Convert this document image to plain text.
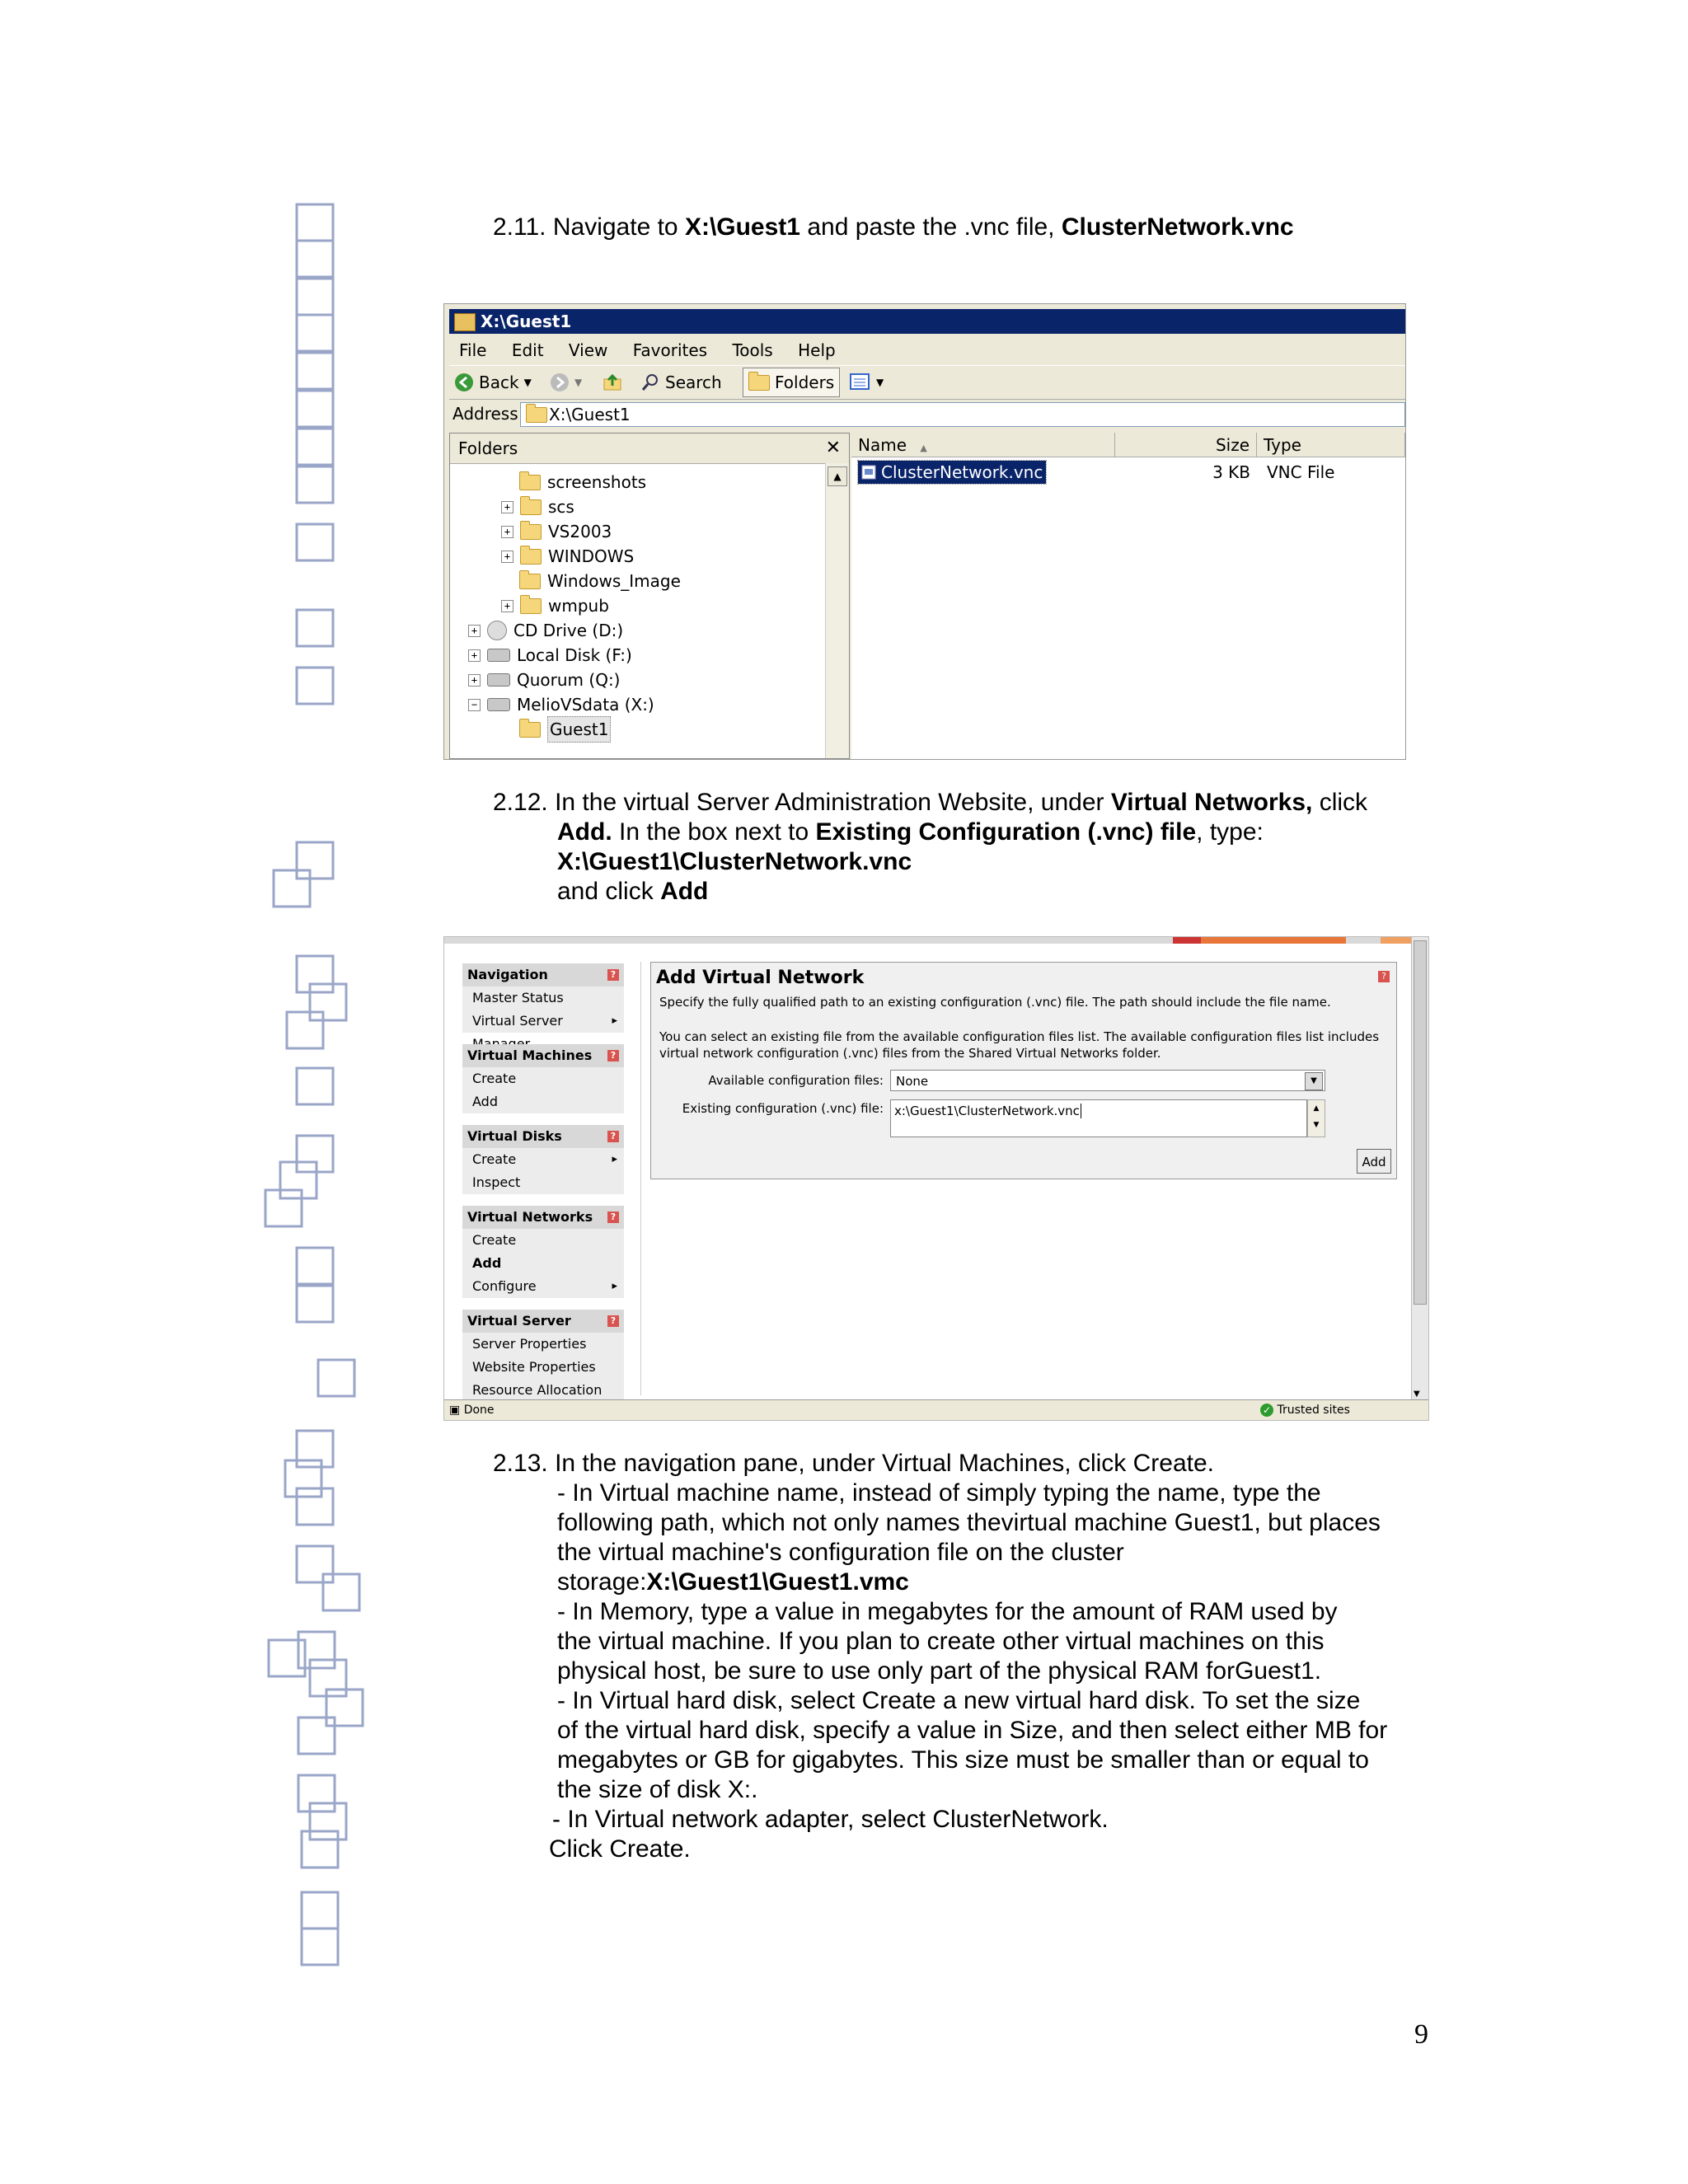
2.11. Navigate to X:\Guest1 and paste the .vnc file, ClusterNetwork.vnc
X:\Guest1
File Edit View Favorites Tools Help
Back ▼	▼	Search	Folders	▼
Address	X:\Guest1
Folders	✕
screenshots
+ scs
+ VS2003
+ WINDOWS
Windows_Image
+ wmpub
+ CD Drive (D:)
+ Local Disk (F:)
+ Quorum (Q:)
− MelioVSdata (X:)
Guest1
▲
Name ▲	Size Type
ClusterNetwork.vnc	3 KB VNC File
2.12. In the virtual Server Administration Website, under Virtual Networks, click
Add. In the box next to Existing Configuration (.vnc) file, type:
X:\Guest1\ClusterNetwork.vnc
and click Add
Navigation	?
Master Status
Virtual Server	▸
Virtual Machines	?
Create
Add
Virtual Disks	?
Create	▸
Inspect
Virtual Networks	?
Create
Add
Configure	▸
Virtual Server	?
Server Properties
Website Properties
Resource Allocation
Add Virtual Network	?
Specify the fully qualified path to an existing configuration (.vnc) file. The path should include the file name.
You can select an existing file from the available configuration files list. The available configuration files list includes virtual network configuration (.vnc) files from the Shared Virtual Networks folder.
Available configuration files:	None	▼
Existing configuration (.vnc) file: x:\Guest1\ClusterNetwork.vnc	▲
▼
Add
▼
▣ Done	✓ Trusted sites
2.13. In the navigation pane, under Virtual Machines, click Create.
- In Virtual machine name, instead of simply typing the name, type the
following path, which not only names thevirtual machine Guest1, but places
the virtual machine's configuration file on the cluster
storage:X:\Guest1\Guest1.vmc
- In Memory, type a value in megabytes for the amount of RAM used by
the virtual machine. If you plan to create other virtual machines on this
physical host, be sure to use only part of the physical RAM forGuest1.
- In Virtual hard disk, select Create a new virtual hard disk. To set the size
of the virtual hard disk, specify a value in Size, and then select either MB for
megabytes or GB for gigabytes. This size must be smaller than or equal to
the size of disk X:.
- In Virtual network adapter, select ClusterNetwork.
Click Create.
9
